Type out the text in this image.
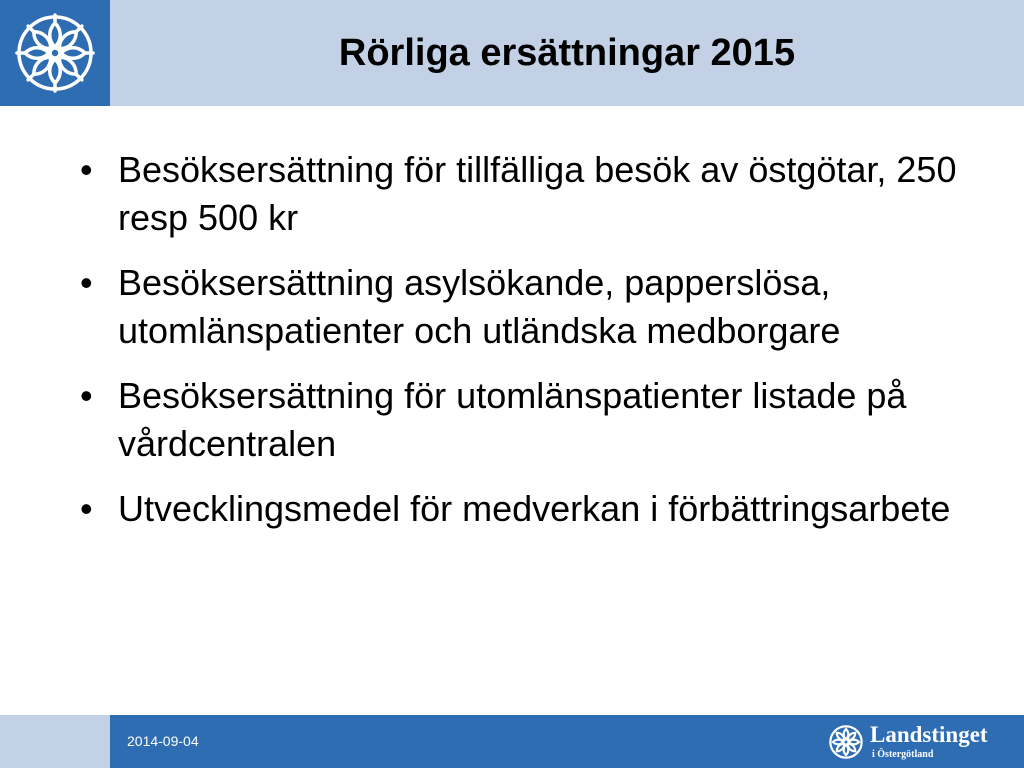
Rörliga ersättningar 2015
• Besöksersättning för tillfälliga besök av östgötar, 250 resp 500 kr
• Besöksersättning asylsökande, papperslösa, utomlänspatienter och utländska medborgare
• Besöksersättning för utomlänspatienter listade på vårdcentralen
• Utvecklingsmedel för medverkan i förbättringsarbete
2014-09-04	Landstinget
i Östergötland
